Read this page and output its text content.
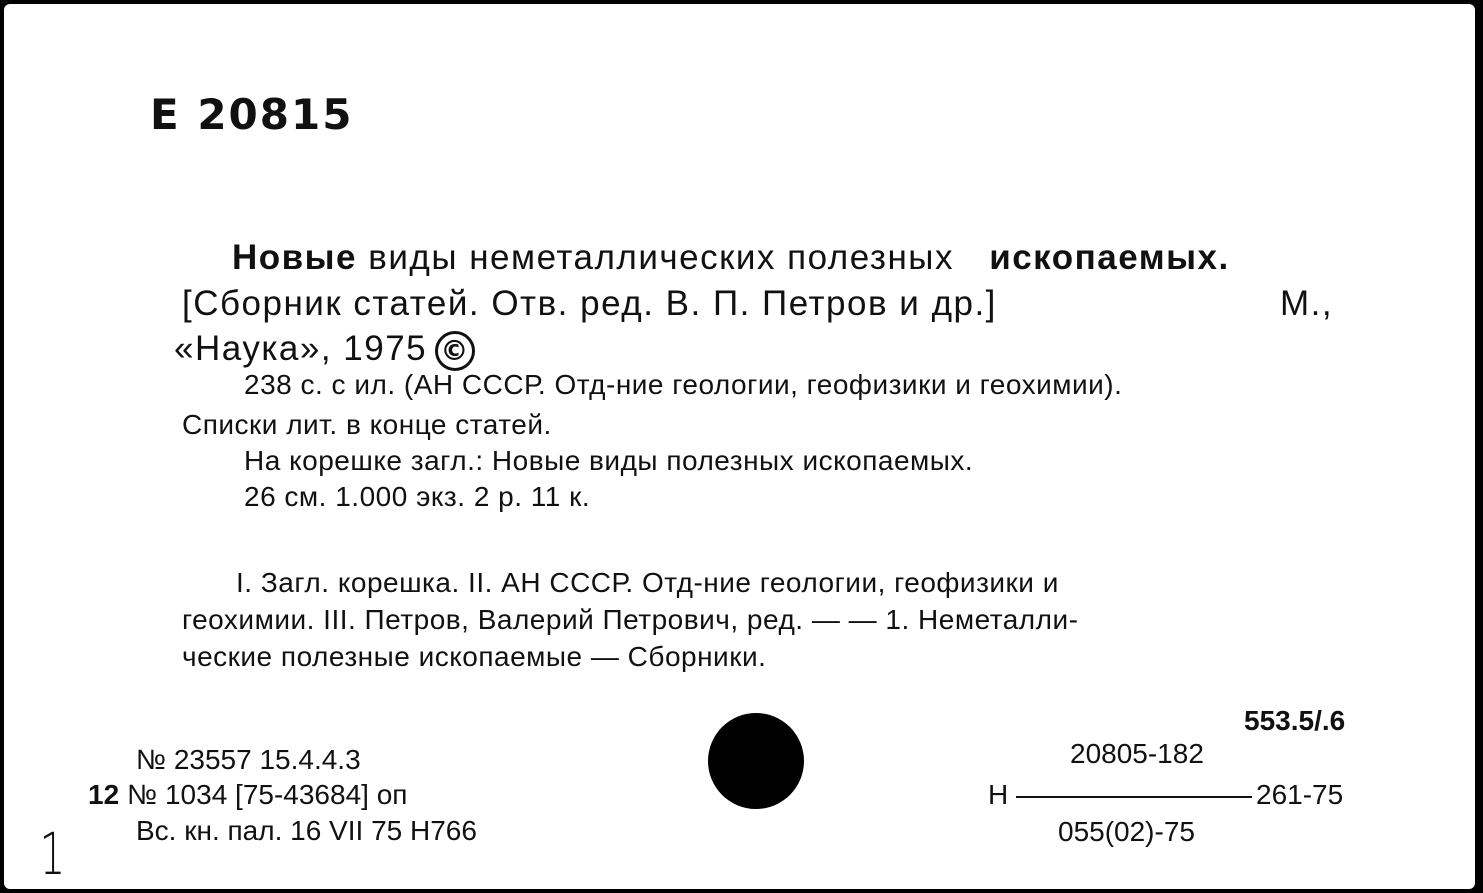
E 20815
Новые виды неметаллических полезных ископаемых.
[Сборник статей. Отв. ред. В. П. Петров и др.]	М.,
«Наука», 1975 ©
238 с. с ил. (АН СССР. Отд-ние геологии, геофизики и геохимии).
Списки лит. в конце статей.
На корешке загл.: Новые виды полезных ископаемых.
26 см. 1.000 экз. 2 р. 11 к.
I. Загл. корешка. II. АН СССР. Отд-ние геологии, геофизики и
геохимии. III. Петров, Валерий Петрович, ред. — — 1. Неметалли-
ческие полезные ископаемые — Сборники.
№ 23557 15.4.4.3
12 № 1034 [75-43684] оп
Вс. кн. пал. 16 VII 75 H766
553.5/.6
20805-182
H	261-75
055(02)-75
1
